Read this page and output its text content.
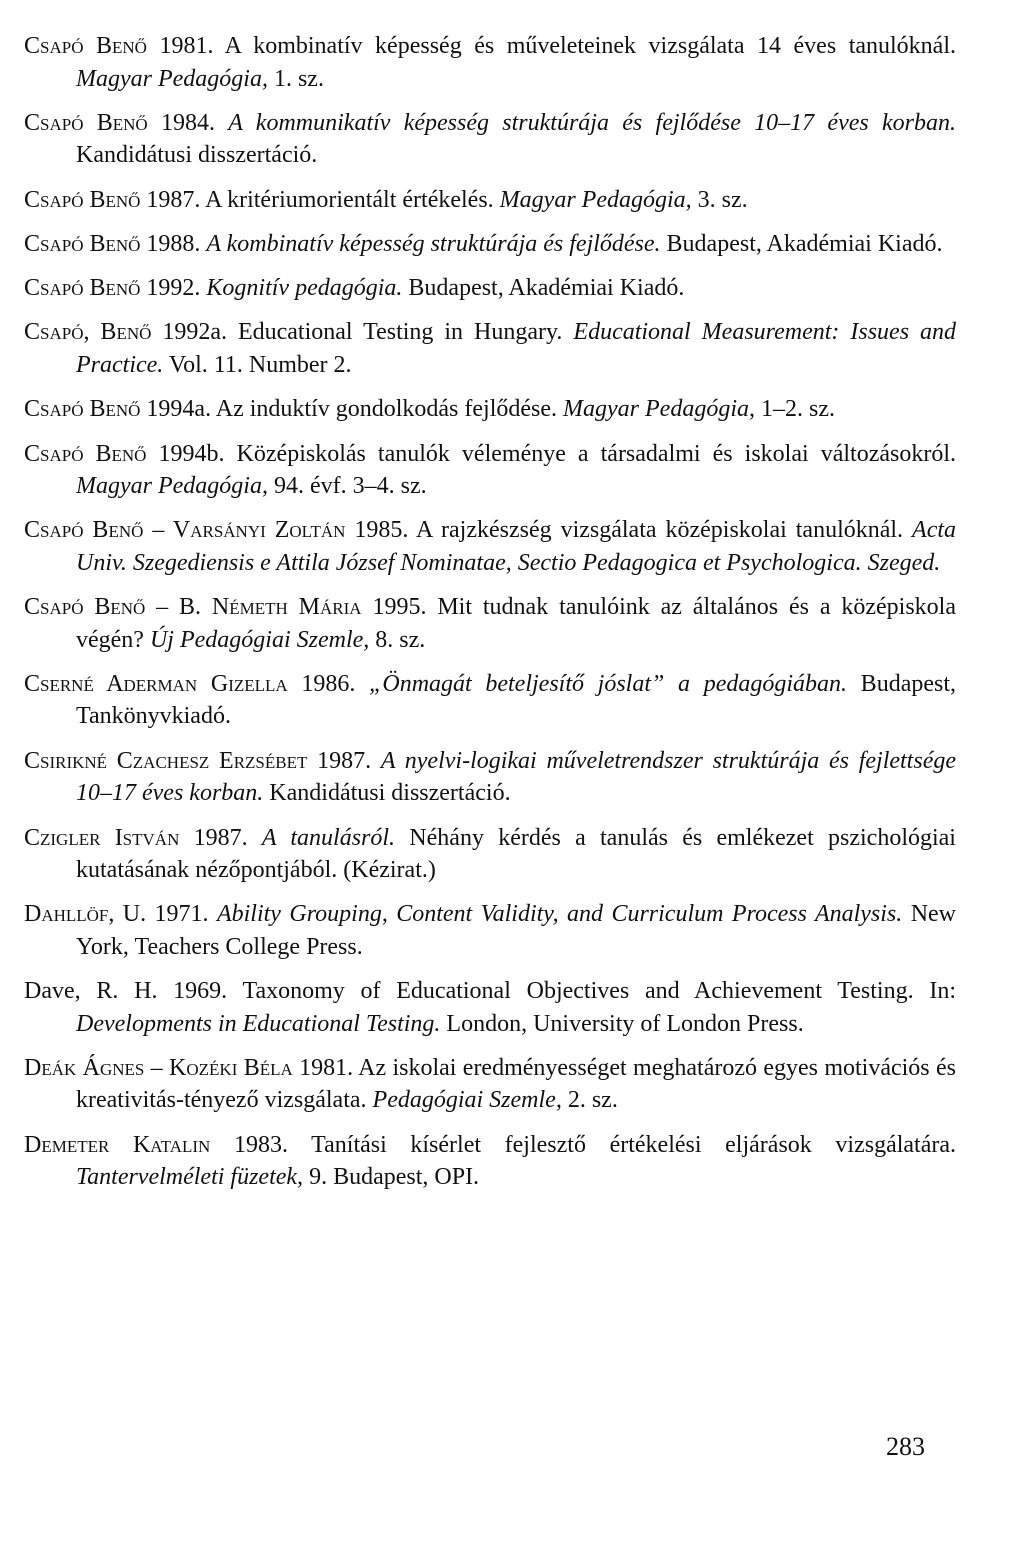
Csapó Benő 1981. A kombinatív képesség és műveleteinek vizsgálata 14 éves tanulóknál. Magyar Pedagógia, 1. sz.

Csapó Benő 1984. A kommunikatív képesség struktúrája és fejlődése 10–17 éves korban. Kandidátusi disszertáció.

Csapó Benő 1987. A kritériumorientált értékelés. Magyar Pedagógia, 3. sz.

Csapó Benő 1988. A kombinatív képesség struktúrája és fejlődése. Budapest, Akadémiai Kiadó.

Csapó Benő 1992. Kognitív pedagógia. Budapest, Akadémiai Kiadó.

Csapó, Benő 1992a. Educational Testing in Hungary. Educational Measurement: Issues and Practice. Vol. 11. Number 2.

Csapó Benő 1994a. Az induktív gondolkodás fejlődése. Magyar Pedagógia, 1–2. sz.

Csapó Benő 1994b. Középiskolás tanulók véleménye a társadalmi és iskolai változásokról. Magyar Pedagógia, 94. évf. 3–4. sz.

Csapó Benő – Varsányi Zoltán 1985. A rajzkészség vizsgálata középiskolai tanulóknál. Acta Univ. Szegediensis e Attila József Nominatae, Sectio Pedagogica et Psychologica. Szeged.

Csapó Benő – B. Németh Mária 1995. Mit tudnak tanulóink az általános és a középiskola végén? Új Pedagógiai Szemle, 8. sz.

Cserné Aderman Gizella 1986. „Önmagát beteljesítő jóslat” a pedagógiában. Budapest, Tankönyvkiadó.

Csirikné Czachesz Erzsébet 1987. A nyelvi-logikai műveletrendszer struktúrája és fejlettsége 10–17 éves korban. Kandidátusi disszertáció.

Czigler István 1987. A tanulásról. Néhány kérdés a tanulás és emlékezet pszichológiai kutatásának nézőpontjából. (Kézirat.)

Dahllöf, U. 1971. Ability Grouping, Content Validity, and Curriculum Process Analysis. New York, Teachers College Press.

Dave, R. H. 1969. Taxonomy of Educational Objectives and Achievement Testing. In: Developments in Educational Testing. London, University of London Press.

Deák Ágnes – Kozéki Béla 1981. Az iskolai eredményességet meghatározó egyes motivációs és kreativitás-tényező vizsgálata. Pedagógiai Szemle, 2. sz.

Demeter Katalin 1983. Tanítási kísérlet fejlesztő értékelési eljárások vizsgálatára. Tantervelméleti füzetek, 9. Budapest, OPI.

283
